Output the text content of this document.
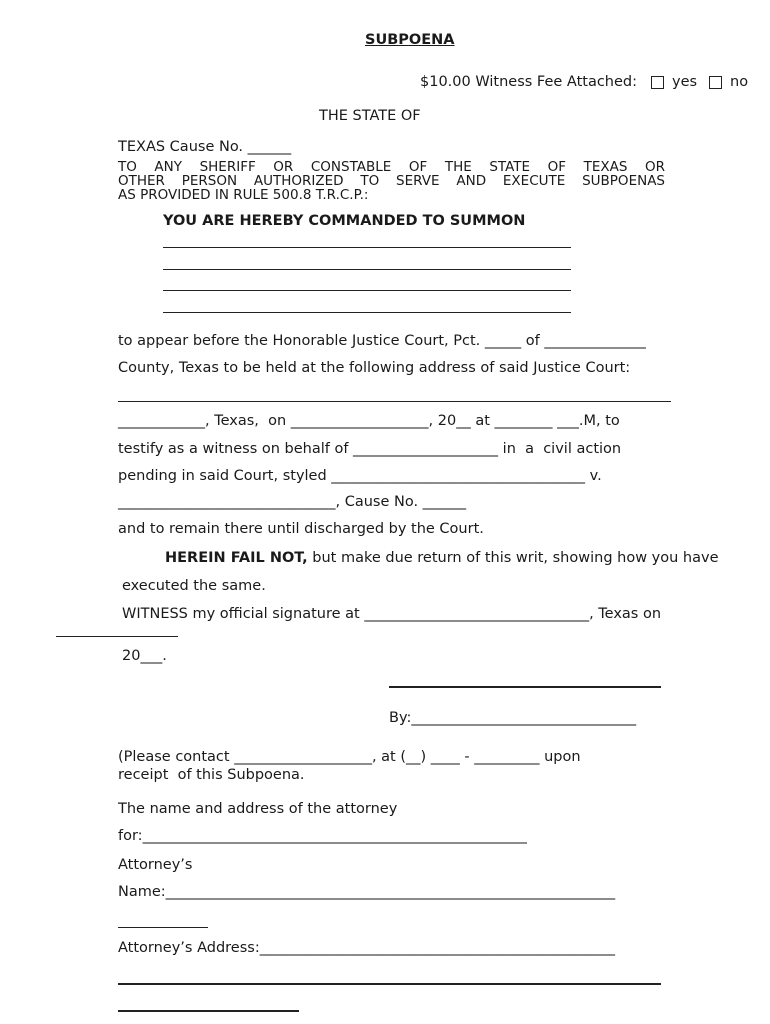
SUBPOENA
$10.00 Witness Fee Attached: yes no
THE STATE OF
TEXAS Cause No. ______
TO ANY SHERIFF OR CONSTABLE OF THE STATE OF TEXAS OR
OTHER PERSON AUTHORIZED TO SERVE AND EXECUTE SUBPOENAS
AS PROVIDED IN RULE 500.8 T.R.C.P.:
YOU ARE HEREBY COMMANDED TO SUMMON
to appear before the Honorable Justice Court, Pct. _____ of ______________
County, Texas to be held at the following address of said Justice Court:
____________, Texas,  on ___________________, 20__ at ________ ___.M, to
testify as a witness on behalf of ____________________ in  a  civil action
pending in said Court, styled ___________________________________ v.
______________________________, Cause No. ______
and to remain there until discharged by the Court.
HEREIN FAIL NOT, but make due return of this writ, showing how you have
executed the same.
WITNESS my official signature at _______________________________, Texas on
20___.
By:_______________________________
(Please contact ___________________, at (__) ____ - _________ upon
receipt  of this Subpoena.
The name and address of the attorney
for:_____________________________________________________
Attorney’s
Name:______________________________________________________________
Attorney’s Address:_________________________________________________
